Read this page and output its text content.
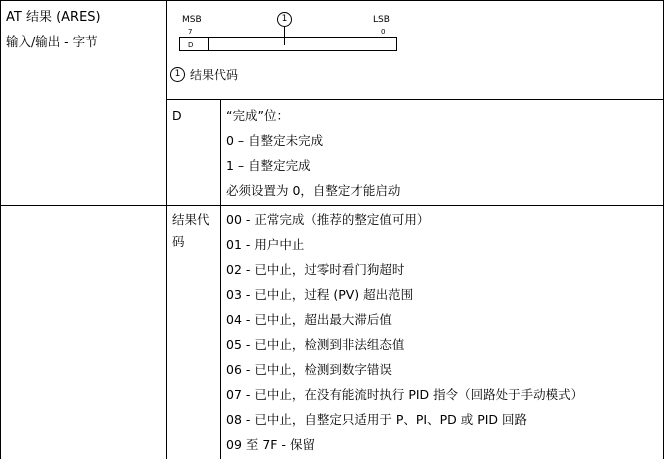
AT 结果 (ARES)
输入/输出 - 字节
MSB
7
LSB
0
1
D
1 结果代码
D	“完成”位：
0 – 自整定未完成
1 – 自整定完成
必须设置为 0，自整定才能启动
结果代
码
00 - 正常完成（推荐的整定值可用）
01 - 用户中止
02 - 已中止，过零时看门狗超时
03 - 已中止，过程 (PV) 超出范围
04 - 已中止，超出最大滞后值
05 - 已中止，检测到非法组态值
06 - 已中止，检测到数字错误
07 - 已中止，在没有能流时执行 PID 指令（回路处于手动模式）
08 - 已中止，自整定只适用于 P、PI、PD 或 PID 回路
09 至 7F - 保留
